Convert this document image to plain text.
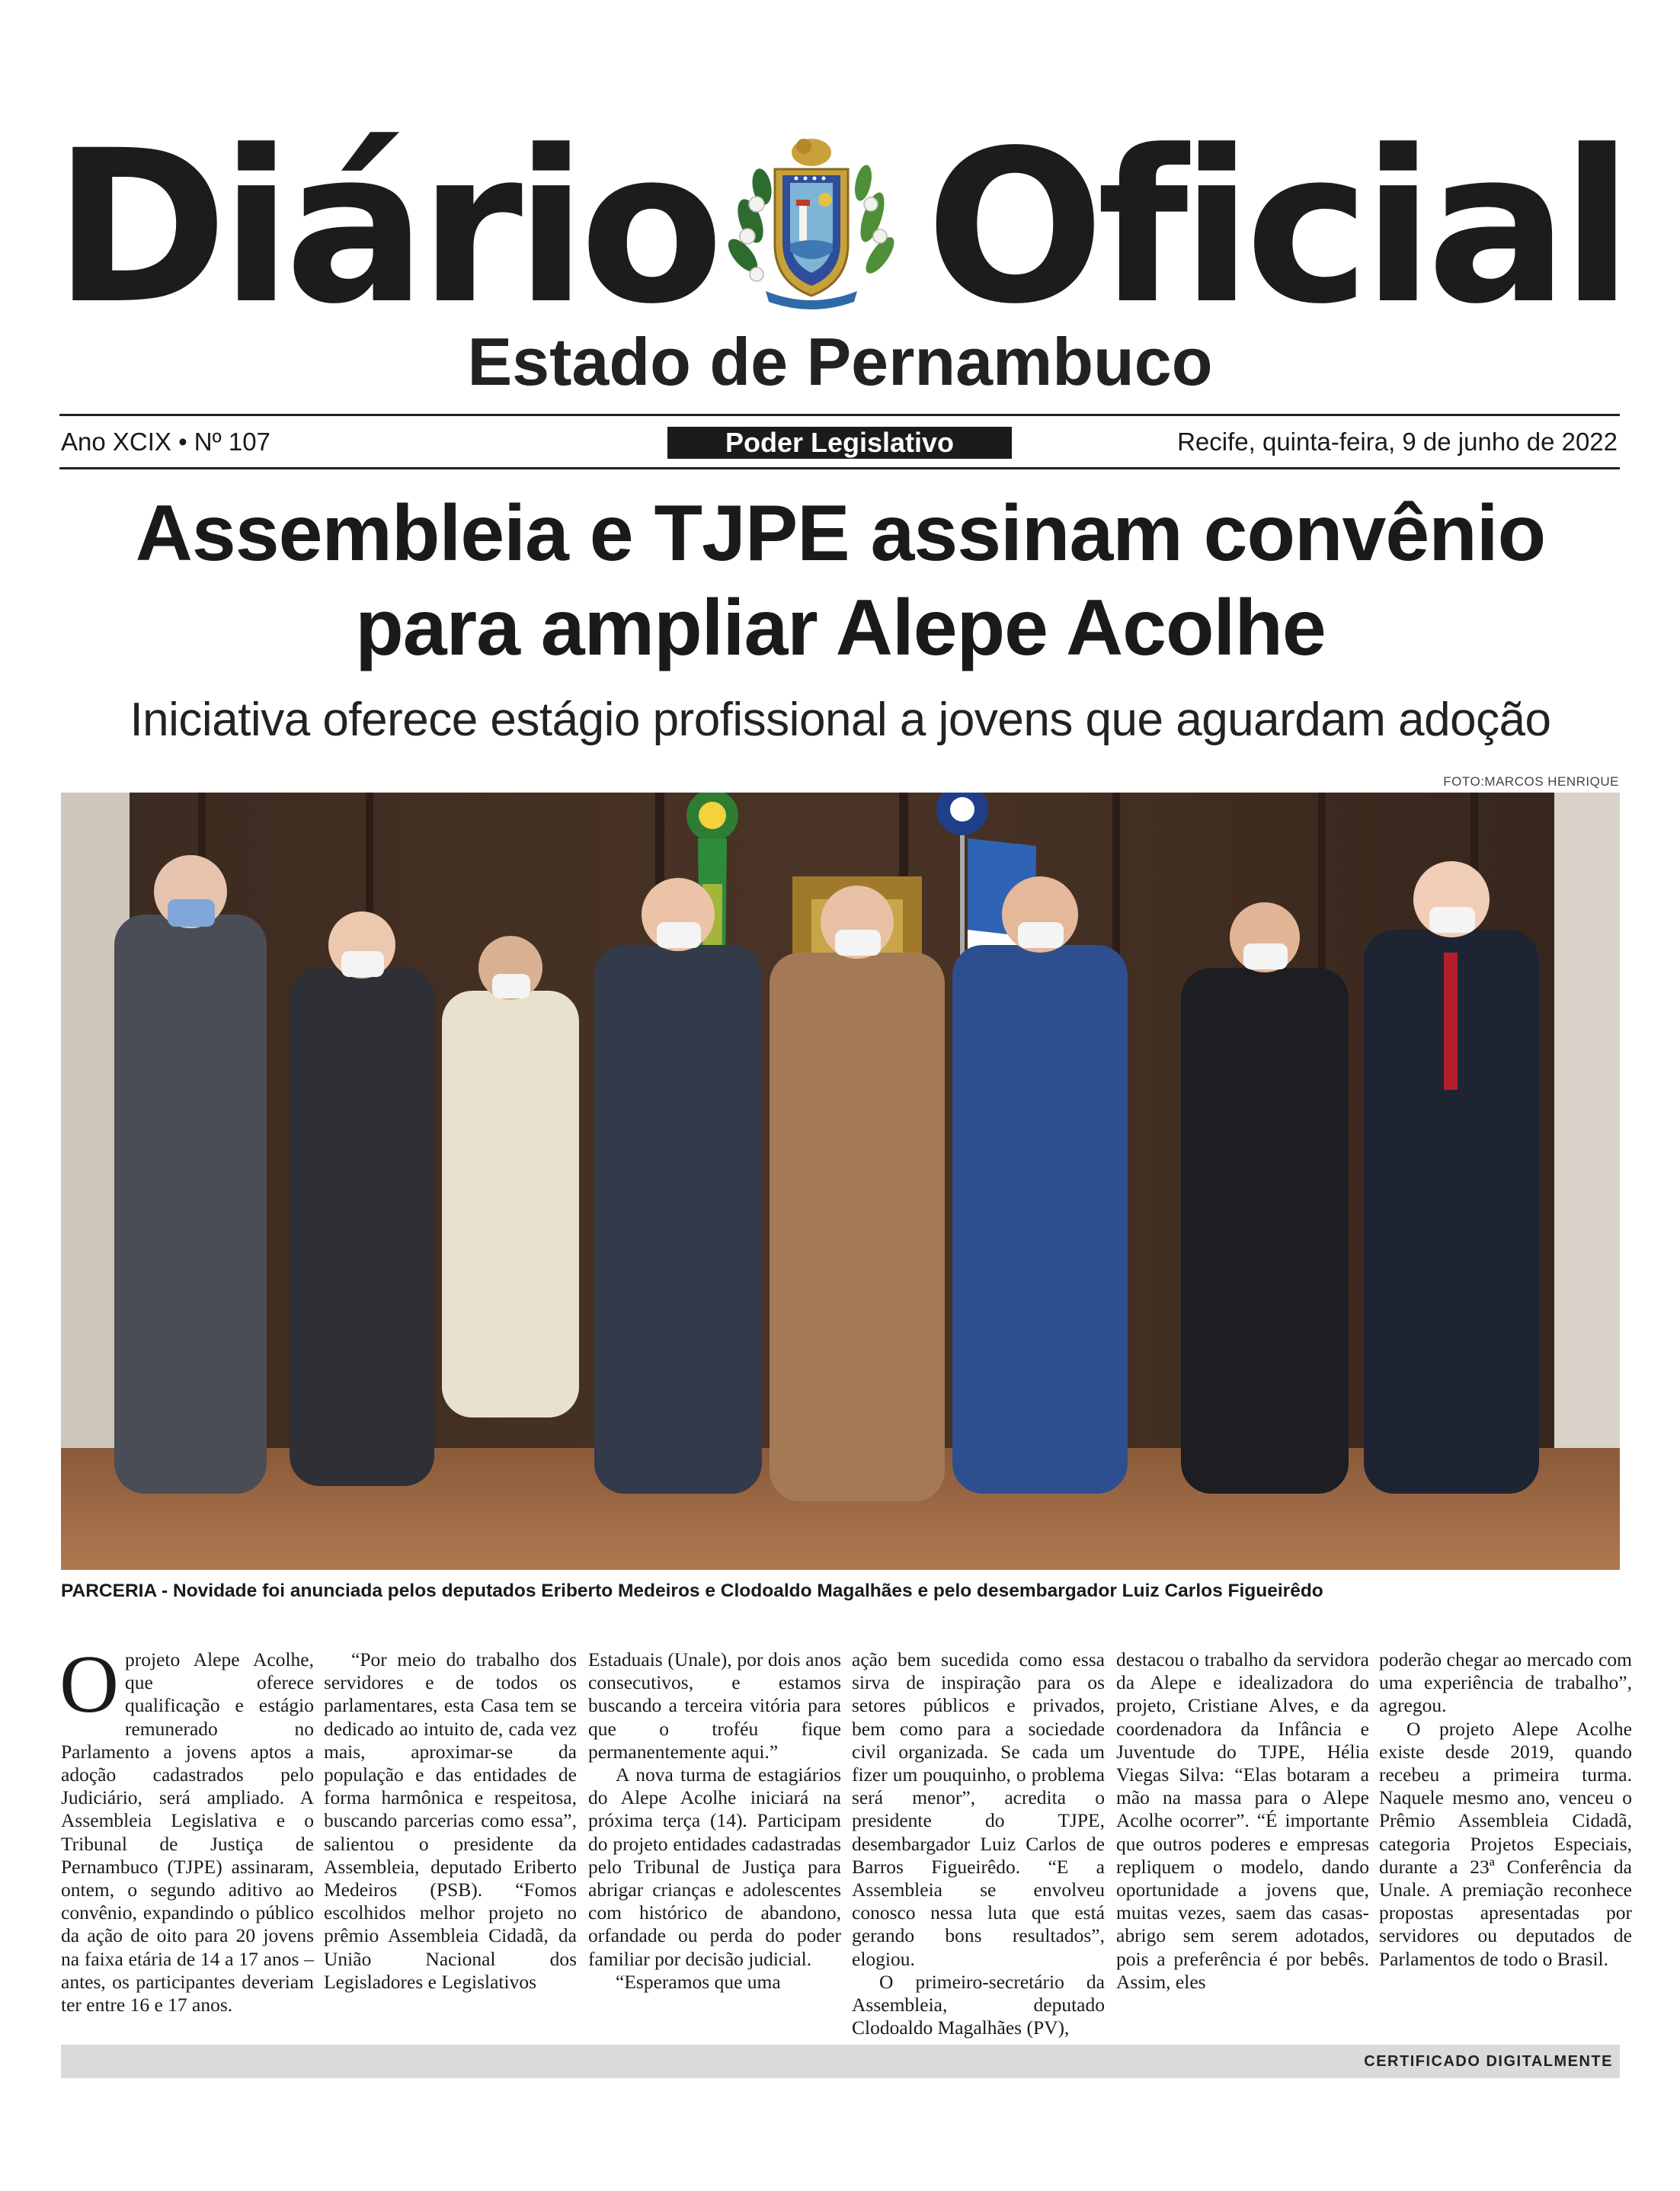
Diário Oficial
Estado de Pernambuco
Ano XCIX • Nº 107	Poder Legislativo	Recife, quinta-feira, 9 de junho de 2022
Assembleia e TJPE assinam convênio
para ampliar Alepe Acolhe
Iniciativa oferece estágio profissional a jovens que aguardam adoção
FOTO:MARCOS HENRIQUE
PARCERIA - Novidade foi anunciada pelos deputados Eriberto Medeiros e Clodoaldo Magalhães e pelo desembargador Luiz Carlos Figueirêdo

Oprojeto Alepe Acolhe, que oferece qualificação e estágio remunerado no Parlamento a jovens aptos a adoção cadastrados pelo Judiciário, será ampliado. A Assembleia Legislativa e o Tribunal de Justiça de Pernambuco (TJPE) assinaram, ontem, o segundo aditivo ao convênio, expandindo o público da ação de oito para 20 jovens na faixa etária de 14 a 17 anos – antes, os participantes deveriam ter entre 16 e 17 anos.

“Por meio do trabalho dos servidores e de todos os parlamentares, esta Casa tem se dedicado ao intuito de, cada vez mais, aproximar-se da população e das entidades de forma harmônica e respeitosa, buscando parcerias como essa”, salientou o presidente da Assembleia, deputado Eriberto Medeiros (PSB). “Fomos escolhidos melhor projeto no prêmio Assembleia Cidadã, da União Nacional dos Legisladores e Legislativos

Estaduais (Unale), por dois anos consecutivos, e estamos buscando a terceira vitória para que o troféu fique permanentemente aqui.”

A nova turma de estagiários do Alepe Acolhe iniciará na próxima terça (14). Participam do projeto entidades cadastradas pelo Tribunal de Justiça para abrigar crianças e adolescentes com histórico de abandono, orfandade ou perda do poder familiar por decisão judicial.

“Esperamos que uma

ação bem sucedida como essa sirva de inspiração para os setores públicos e privados, bem como para a sociedade civil organizada. Se cada um fizer um pouquinho, o problema será menor”, acredita o presidente do TJPE, desembargador Luiz Carlos de Barros Figueirêdo. “E a Assembleia se envolveu conosco nessa luta que está gerando bons resultados”, elogiou.

O primeiro-secretário da Assembleia, deputado Clodoaldo Magalhães (PV),

destacou o trabalho da servidora da Alepe e idealizadora do projeto, Cristiane Alves, e da coordenadora da Infância e Juventude do TJPE, Hélia Viegas Silva: “Elas botaram a mão na massa para o Alepe Acolhe ocorrer”. “É importante que outros poderes e empresas repliquem o modelo, dando oportunidade a jovens que, muitas vezes, saem das casas-abrigo sem serem adotados, pois a preferência é por bebês. Assim, eles

poderão chegar ao mercado com uma experiência de trabalho”, agregou.

O projeto Alepe Acolhe existe desde 2019, quando recebeu a primeira turma. Naquele mesmo ano, venceu o Prêmio Assembleia Cidadã, categoria Projetos Especiais, durante a 23ª Conferência da Unale. A premiação reconhece propostas apresentadas por servidores ou deputados de Parlamentos de todo o Brasil.

CERTIFICADO DIGITALMENTE
